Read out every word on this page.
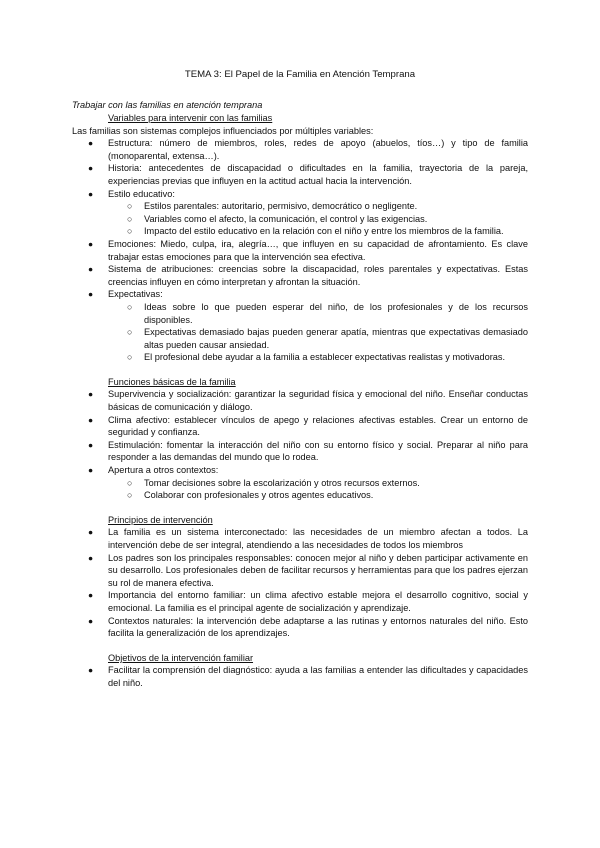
TEMA 3: El Papel de la Familia en Atención Temprana
Trabajar con las familias en atención temprana
Variables para intervenir con las familias
Las familias son sistemas complejos influenciados por múltiples variables:
● Estructura: número de miembros, roles, redes de apoyo (abuelos, tíos…) y tipo de familia (monoparental, extensa…).
● Historia: antecedentes de discapacidad o dificultades en la familia, trayectoria de la pareja, experiencias previas que influyen en la actitud actual hacia la intervención.
● Estilo educativo:
○ Estilos parentales: autoritario, permisivo, democrático o negligente.
○ Variables como el afecto, la comunicación, el control y las exigencias.
○ Impacto del estilo educativo en la relación con el niño y entre los miembros de la familia.
● Emociones: Miedo, culpa, ira, alegría…, que influyen en su capacidad de afrontamiento. Es clave trabajar estas emociones para que la intervención sea efectiva.
● Sistema de atribuciones: creencias sobre la discapacidad, roles parentales y expectativas. Estas creencias influyen en cómo interpretan y afrontan la situación.
● Expectativas:
○ Ideas sobre lo que pueden esperar del niño, de los profesionales y de los recursos disponibles.
○ Expectativas demasiado bajas pueden generar apatía, mientras que expectativas demasiado altas pueden causar ansiedad.
○ El profesional debe ayudar a la familia a establecer expectativas realistas y motivadoras.
Funciones básicas de la familia
● Supervivencia y socialización: garantizar la seguridad física y emocional del niño. Enseñar conductas básicas de comunicación y diálogo.
● Clima afectivo: establecer vínculos de apego y relaciones afectivas estables. Crear un entorno de seguridad y confianza.
● Estimulación: fomentar la interacción del niño con su entorno físico y social. Preparar al niño para responder a las demandas del mundo que lo rodea.
● Apertura a otros contextos:
○ Tomar decisiones sobre la escolarización y otros recursos externos.
○ Colaborar con profesionales y otros agentes educativos.
Principios de intervención
● La familia es un sistema interconectado: las necesidades de un miembro afectan a todos. La intervención debe de ser integral, atendiendo a las necesidades de todos los miembros
● Los padres son los principales responsables: conocen mejor al niño y deben participar activamente en su desarrollo. Los profesionales deben de facilitar recursos y herramientas para que los padres ejerzan su rol de manera efectiva.
● Importancia del entorno familiar: un clima afectivo estable mejora el desarrollo cognitivo, social y emocional. La familia es el principal agente de socialización y aprendizaje.
● Contextos naturales: la intervención debe adaptarse a las rutinas y entornos naturales del niño. Esto facilita la generalización de los aprendizajes.
Objetivos de la intervención familiar
● Facilitar la comprensión del diagnóstico: ayuda a las familias a entender las dificultades y capacidades del niño.
